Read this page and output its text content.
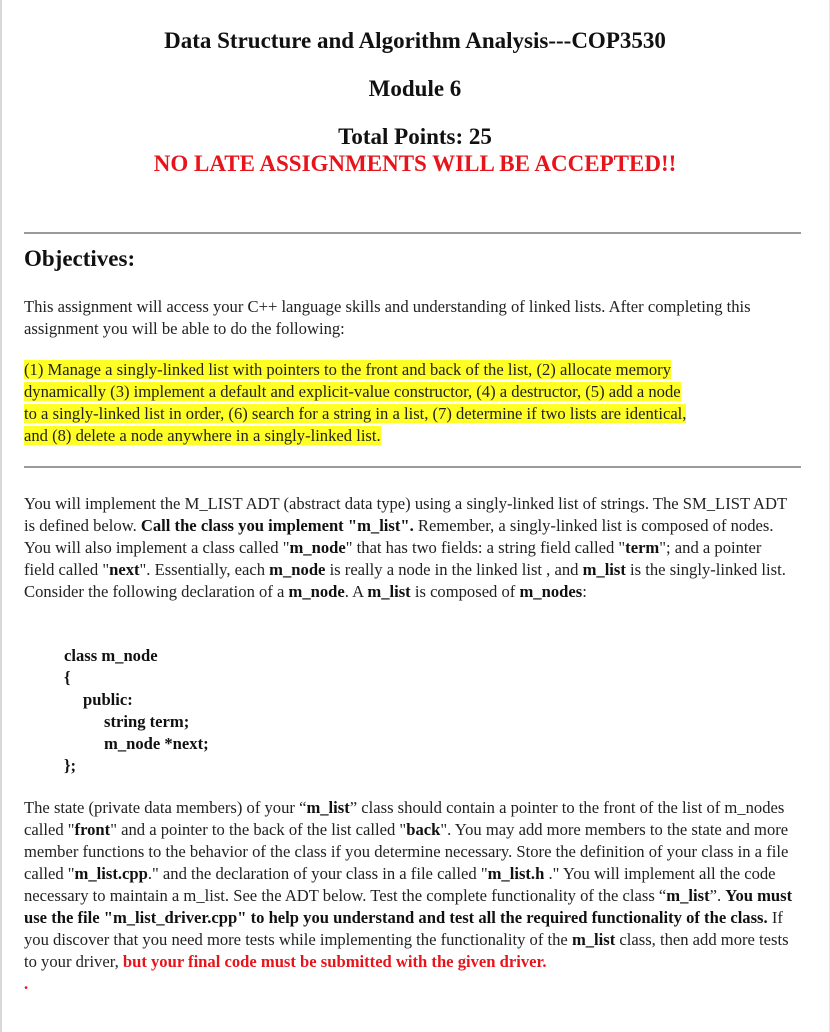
Data Structure and Algorithm Analysis---COP3530
Module 6
Total Points: 25
NO LATE ASSIGNMENTS WILL BE ACCEPTED!!
Objectives:
This assignment will access your C++ language skills and understanding of linked lists. After completing this assignment you will be able to do the following:
(1) Manage a singly-linked list with pointers to the front and back of the list, (2) allocate memory
dynamically (3) implement a default and explicit-value constructor, (4) a destructor, (5) add a node
to a singly-linked list in order, (6) search for a string in a list, (7) determine if two lists are identical,
and (8) delete a node anywhere in a singly-linked list.
You will implement the M_LIST ADT (abstract data type) using a singly-linked list of strings. The SM_LIST ADT is defined below. Call the class you implement "m_list". Remember, a singly-linked list is composed of nodes. You will also implement a class called "m_node" that has two fields: a string field called "term"; and a pointer field called "next". Essentially, each m_node is really a node in the linked list , and m_list is the singly-linked list. Consider the following declaration of a m_node. A m_list is composed of m_nodes:
class m_node
{
public:
string term;
m_node *next;
};
The state (private data members) of your “m_list” class should contain a pointer to the front of the list of m_nodes called "front" and a pointer to the back of the list called "back". You may add more members to the state and more member functions to the behavior of the class if you determine necessary. Store the definition of your class in a file called "m_list.cpp." and the declaration of your class in a file called "m_list.h ." You will implement all the code necessary to maintain a m_list. See the ADT below. Test the complete functionality of the class “m_list”. You must use the file "m_list_driver.cpp" to help you understand and test all the required functionality of the class. If you discover that you need more tests while implementing the functionality of the m_list class, then add more tests to your driver, but your final code must be submitted with the given driver.
.
